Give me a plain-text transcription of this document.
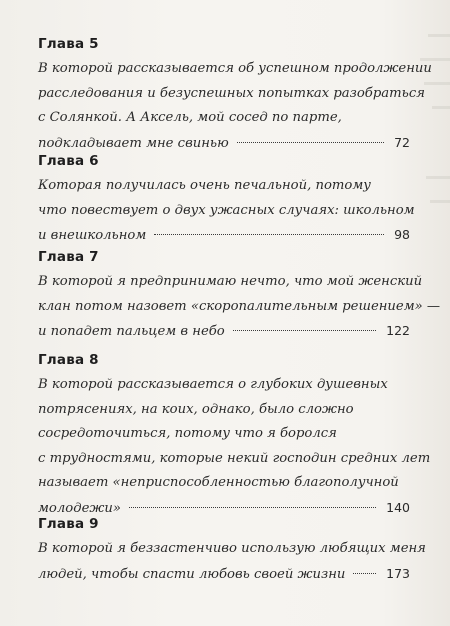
Глава 5
В которой рассказывается об успешном продолжении
расследования и безуспешных попытках разобраться
с Солянкой. А Аксель, мой сосед по парте,
подкладывает мне свинью	72
Глава 6
Которая получилась очень печальной, потому
что повествует о двух ужасных случаях: школьном
и внешкольном	98
Глава 7
В которой я предпринимаю нечто, что мой женский
клан потом назовет «скоропалительным решением» —
и попадет пальцем в небо	122
Глава 8
В которой рассказывается о глубоких душевных
потрясениях, на коих, однако, было сложно
сосредоточиться, потому что я боролся
с трудностями, которые некий господин средних лет
называет «неприспособленностью благополучной
молодежи»	140
Глава 9
В которой я беззастенчиво использую любящих меня
людей, чтобы спасти любовь своей жизни	173
